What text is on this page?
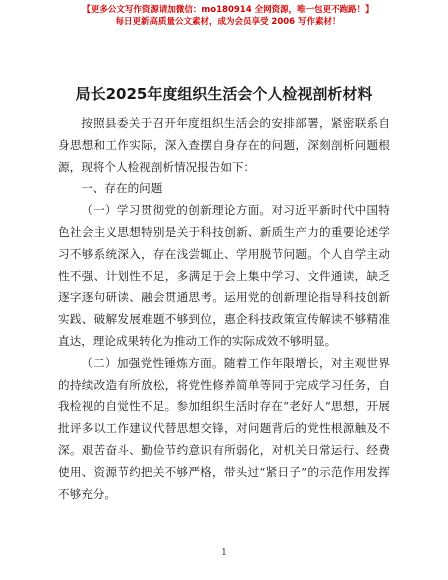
【更多公文写作资源请加微信：mo180914 全网资源，唯一包更不跑路！】
每日更新高质量公文素材，成为会员享受 2006 写作素材！
局长2025年度组织生活会个人检视剖析材料

按照县委关于召开年度组织生活会的安排部署，紧密联系自身思想和工作实际，深入查摆自身存在的问题，深刻剖析问题根源，现将个人检视剖析情况报告如下：

一、存在的问题

（一）学习贯彻党的创新理论方面。对习近平新时代中国特色社会主义思想特别是关于科技创新、新质生产力的重要论述学习不够系统深入，存在浅尝辄止、学用脱节问题。个人自学主动性不强、计划性不足，多满足于会上集中学习、文件通读，缺乏逐字逐句研读、融会贯通思考。运用党的创新理论指导科技创新实践、破解发展难题不够到位，惠企科技政策宣传解读不够精准直达，理论成果转化为推动工作的实际成效不够明显。

（二）加强党性锤炼方面。随着工作年限增长，对主观世界的持续改造有所放松，将党性修养简单等同于完成学习任务，自我检视的自觉性不足。参加组织生活时存在“老好人”思想，开展批评多以工作建议代替思想交锋，对问题背后的党性根源触及不深。艰苦奋斗、勤俭节约意识有所弱化，对机关日常运行、经费使用、资源节约把关不够严格，带头过“紧日子”的示范作用发挥不够充分。

1
